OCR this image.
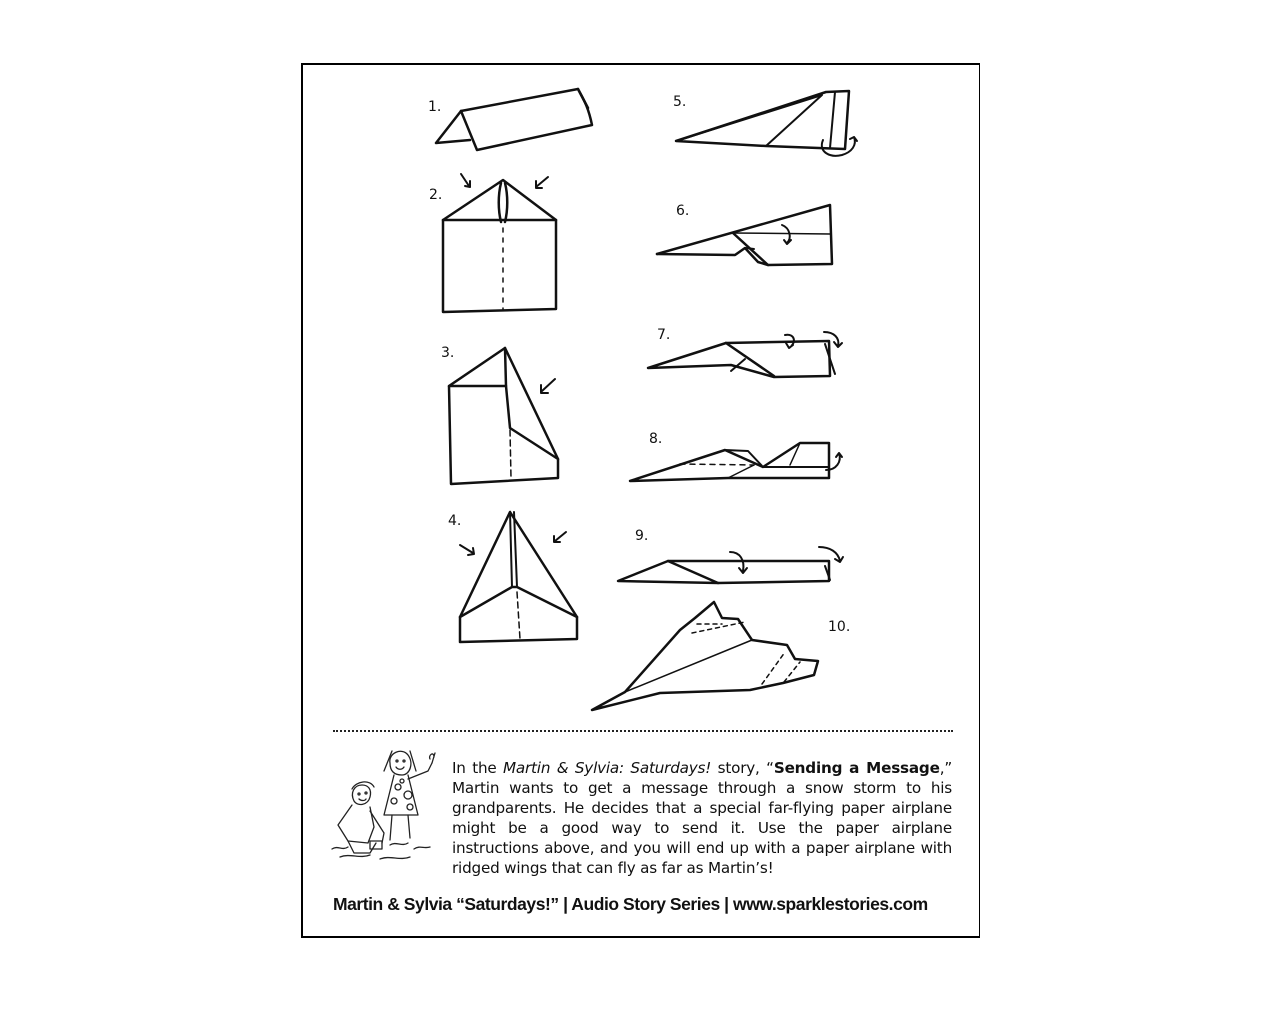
1.
2.
3.
4.
5.
6.
7.
8.
9.
10.
In the Martin & Sylvia: Saturdays! story, “Sending a Message,” Martin wants to get a message through a snow storm to his grandparents. He decides that a special far-flying paper airplane might be a good way to send it. Use the paper airplane instructions above, and you will end up with a paper airplane with ridged wings that can fly as far as Martin’s!
Martin & Sylvia “Saturdays!” | Audio Story Series | www.sparklestories.com
